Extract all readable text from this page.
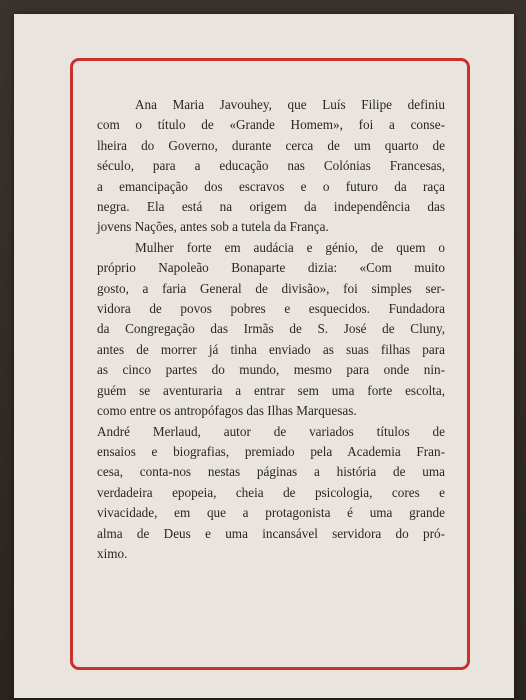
Ana Maria Javouhey, que Luís Filipe definiu
com o título de «Grande Homem», foi a conse-
lheira do Governo, durante cerca de um quarto de
século, para a educação nas Colónias Francesas,
a emancipação dos escravos e o futuro da raça
negra. Ela está na origem da independência das
jovens Nações, antes sob a tutela da França.

Mulher forte em audácia e génio, de quem o
próprio Napoleão Bonaparte dizia: «Com muito
gosto, a faria General de divisão», foi simples ser-
vidora de povos pobres e esquecidos. Fundadora
da Congregação das Irmãs de S. José de Cluny,
antes de morrer já tinha enviado as suas filhas para
as cinco partes do mundo, mesmo para onde nin-
guém se aventuraria a entrar sem uma forte escolta,
como entre os antropófagos das Ilhas Marquesas.

André Merlaud, autor de variados títulos de
ensaios e biografias, premiado pela Academia Fran-
cesa, conta-nos nestas páginas a história de uma
verdadeira epopeia, cheia de psicologia, cores e
vivacidade, em que a protagonista é uma grande
alma de Deus e uma incansável servidora do pró-
ximo.
